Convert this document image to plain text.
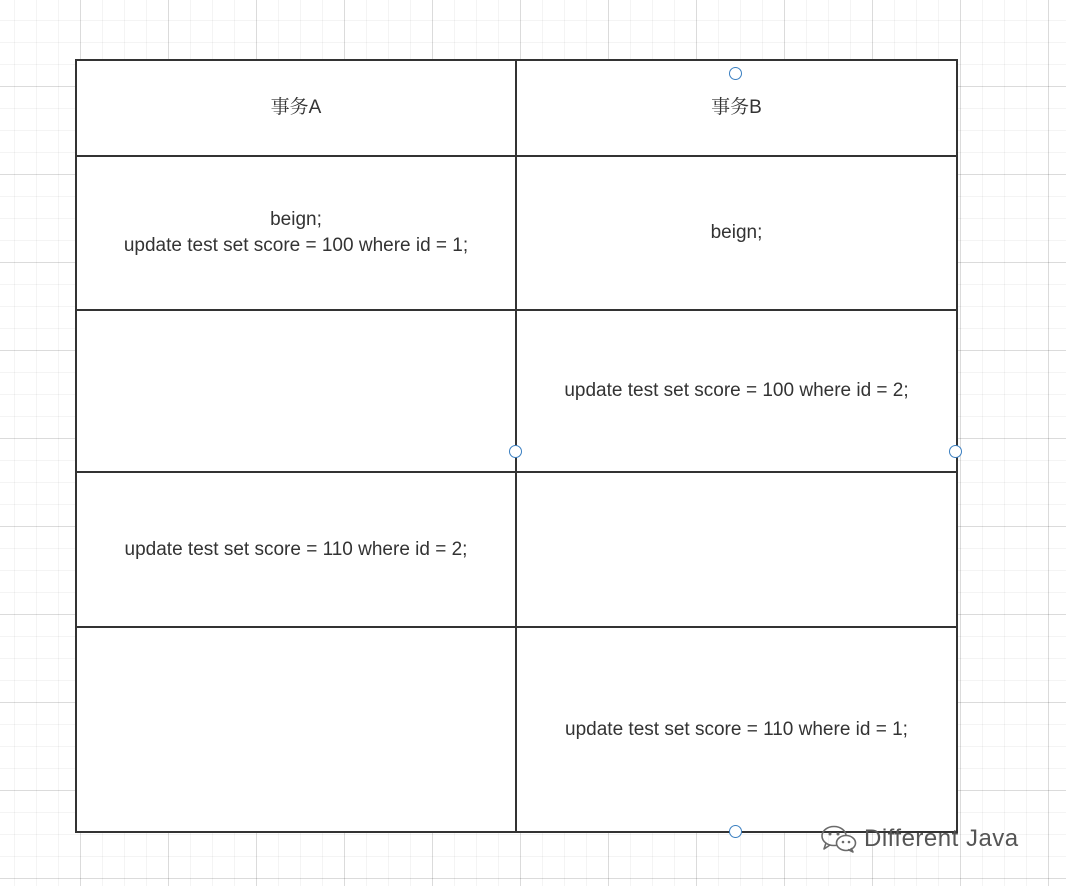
事务A	事务B
beign;
update test set score = 100 where id = 1;
beign;
update test set score = 100 where id = 2;
update test set score = 110 where id = 2;
update test set score = 110 where id = 1;
Different Java
